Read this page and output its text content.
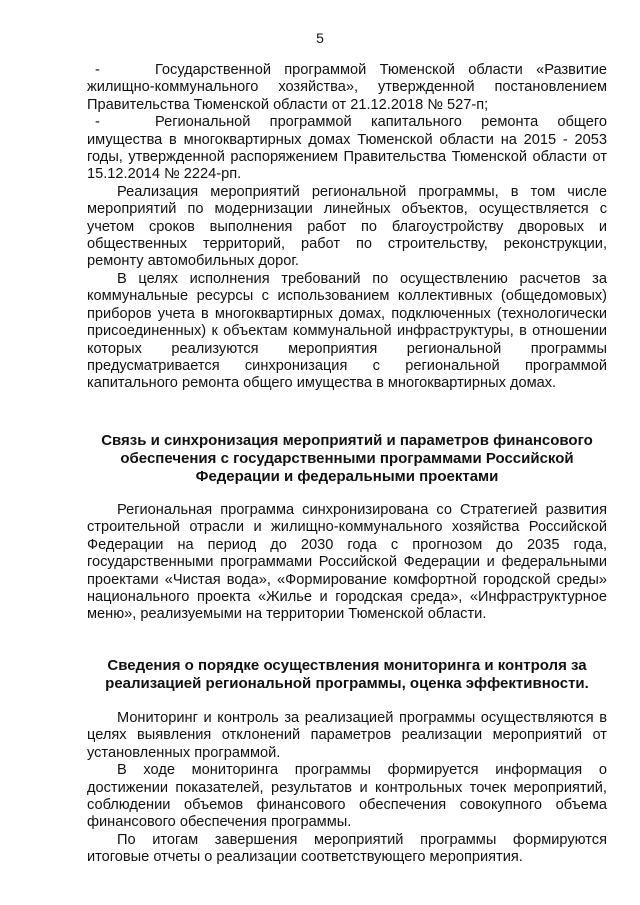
5

-	Государственной программой Тюменской области «Развитие жилищно-коммунального хозяйства», утвержденной постановлением Правительства Тюменской области от 21.12.2018 № 527-п;

-	Региональной программой капитального ремонта общего имущества в многоквартирных домах Тюменской области на 2015 - 2053 годы, утвержденной распоряжением Правительства Тюменской области от 15.12.2014 № 2224-рп.

Реализация мероприятий региональной программы, в том числе мероприятий по модернизации линейных объектов, осуществляется с учетом сроков выполнения работ по благоустройству дворовых и общественных территорий, работ по строительству, реконструкции, ремонту автомобильных дорог.

В целях исполнения требований по осуществлению расчетов за коммунальные ресурсы с использованием коллективных (общедомовых) приборов учета в многоквартирных домах, подключенных (технологически присоединенных) к объектам коммунальной инфраструктуры, в отношении которых реализуются мероприятия региональной программы предусматривается синхронизация с региональной программой капитального ремонта общего имущества в многоквартирных домах.

Связь и синхронизация мероприятий и параметров финансового обеспечения с государственными программами Российской Федерации и федеральными проектами

Региональная программа синхронизирована со Стратегией развития строительной отрасли и жилищно-коммунального хозяйства Российской Федерации на период до 2030 года с прогнозом до 2035 года, государственными программами Российской Федерации и федеральными проектами «Чистая вода», «Формирование комфортной городской среды» национального проекта «Жилье и городская среда», «Инфраструктурное меню», реализуемыми на территории Тюменской области.

Сведения о порядке осуществления мониторинга и контроля за реализацией региональной программы, оценка эффективности.

Мониторинг и контроль за реализацией программы осуществляются в целях выявления отклонений параметров реализации мероприятий от установленных программой.

В ходе мониторинга программы формируется информация о достижении показателей, результатов и контрольных точек мероприятий, соблюдении объемов финансового обеспечения совокупного объема финансового обеспечения программы.

По итогам завершения мероприятий программы формируются итоговые отчеты о реализации соответствующего мероприятия.
